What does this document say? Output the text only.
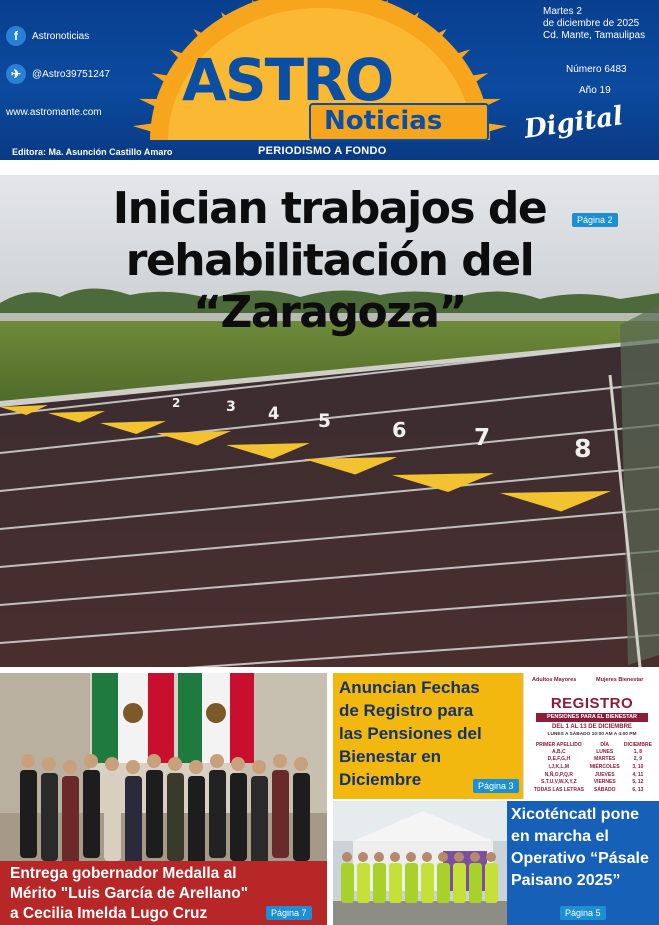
f	Astronoticias
✈	@Astro39751247
www.astromante.com
Editora: Ma. Asunción Castillo Amaro
ASTRO
Noticias
PERIODISMO A FONDO
Martes 2
de diciembre de 2025
Cd. Mante, Tamaulipas
Número 6483
Año 19
Digital
2	3 4 5	6	7	8
Inician trabajos de
rehabilitación del “Zaragoza”
Página 2
Entrega gobernador Medalla al
Mérito "Luis García de Arellano"
a Cecilia Imelda Lugo Cruz	Página 7
Anuncian Fechas
de Registro para
las Pensiones del
Bienestar en
Diciembre	Página 3
Adultos Mayores	Mujeres Bienestar
REGISTRO
PENSIONES PARA EL BIENESTAR
DEL 1 AL 13 DE DICIEMBRE
LUNES A SÁBADO 10:00 AM A 4:00 PM
PRIMER APELLIDO	DÍA	DICIEMBRE
A,B,C	LUNES	1, 8
D,E,F,G,H	MARTES	2, 9
I,J,K,L,M	MIÉRCOLES	3, 10
N,Ñ,O,P,Q,R	JUEVES	4, 11
S,T,U,V,W,X,Y,Z	VIERNES	5, 12
TODAS LAS LETRAS	SÁBADO	6, 13
Xicoténcatl pone
en marcha el
Operativo “Pásale
Paisano 2025”
Página 5
